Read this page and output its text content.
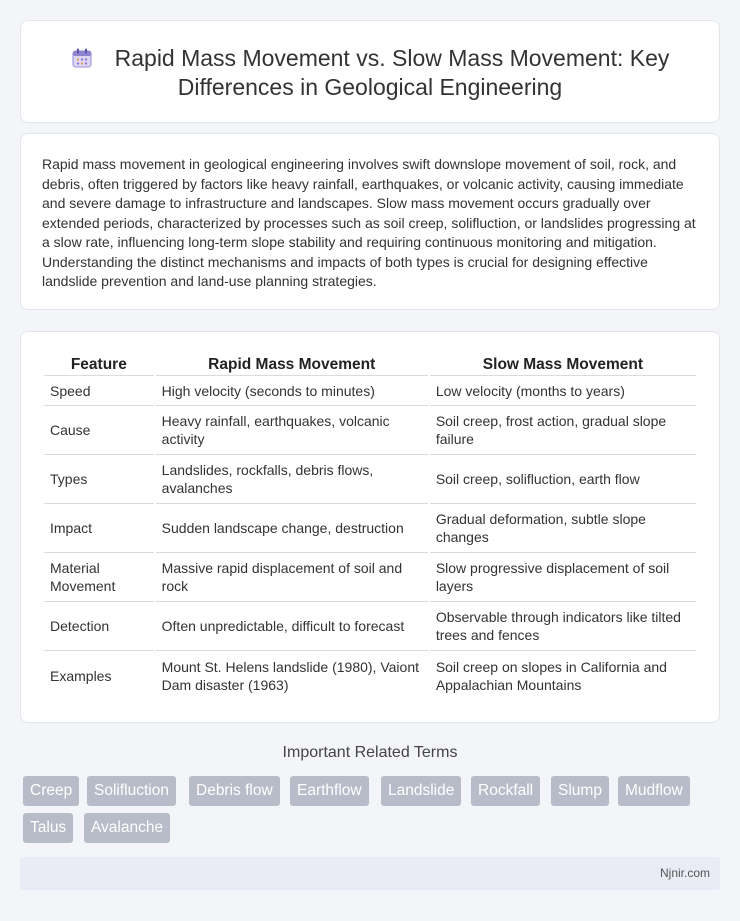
Rapid Mass Movement vs. Slow Mass Movement: Key Differences in Geological Engineering

Rapid mass movement in geological engineering involves swift downslope movement of soil, rock, and debris, often triggered by factors like heavy rainfall, earthquakes, or volcanic activity, causing immediate and severe damage to infrastructure and landscapes. Slow mass movement occurs gradually over extended periods, characterized by processes such as soil creep, solifluction, or landslides progressing at a slow rate, influencing long-term slope stability and requiring continuous monitoring and mitigation. Understanding the distinct mechanisms and impacts of both types is crucial for designing effective landslide prevention and land-use planning strategies.

Feature	Rapid Mass Movement	Slow Mass Movement
Speed	High velocity (seconds to minutes)	Low velocity (months to years)
Cause	Heavy rainfall, earthquakes, volcanic activity	Soil creep, frost action, gradual slope failure
Types	Landslides, rockfalls, debris flows, avalanches	Soil creep, solifluction, earth flow
Impact	Sudden landscape change, destruction	Gradual deformation, subtle slope changes
Material Movement	Massive rapid displacement of soil and rock	Slow progressive displacement of soil layers
Detection	Often unpredictable, difficult to forecast	Observable through indicators like tilted trees and fences
Examples	Mount St. Helens landslide (1980), Vaiont Dam disaster (1963)	Soil creep on slopes in California and Appalachian Mountains
Important Related Terms
Creep	Solifluction	Debris flow	Earthflow	Landslide	Rockfall	Slump	Mudflow
Talus	Avalanche
Njnir.com
